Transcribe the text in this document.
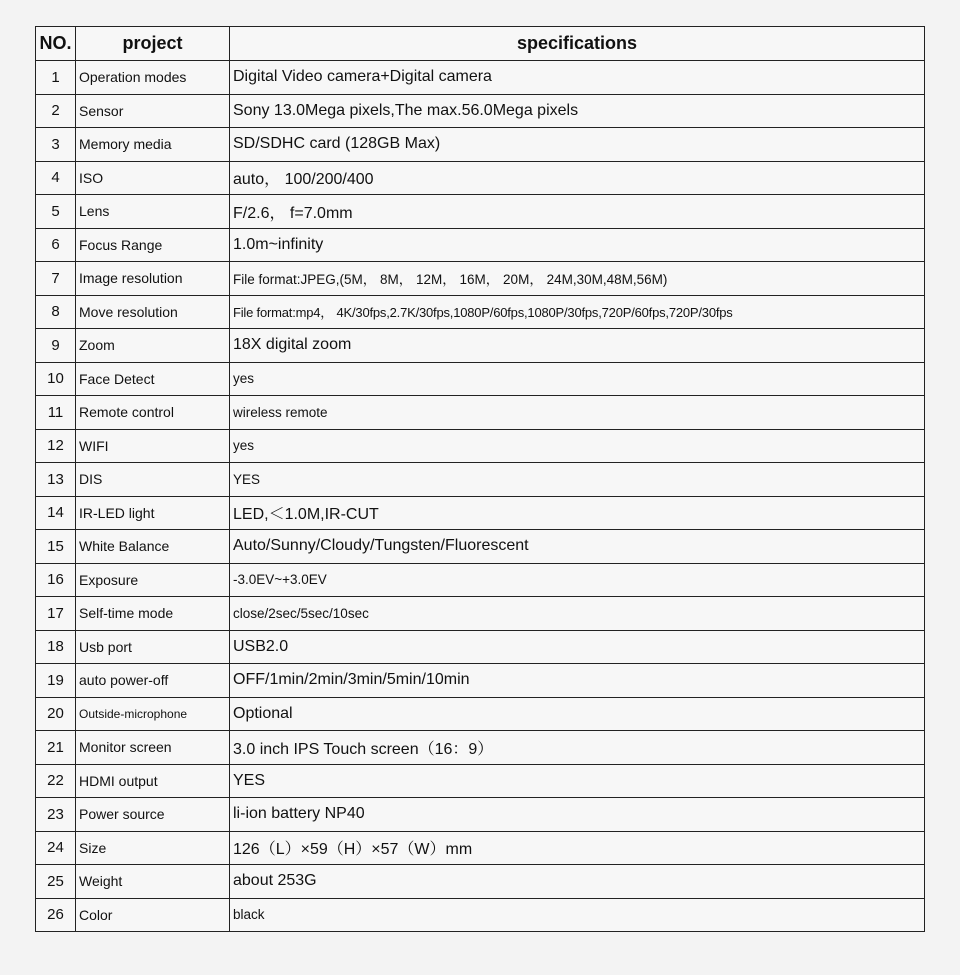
NO.	project	specifications
1	Operation modes	Digital Video camera+Digital camera
2	Sensor	Sony 13.0Mega pixels,The max.56.0Mega pixels
3	Memory media	SD/SDHC card (128GB Max)
4	ISO	auto， 100/200/400
5	Lens	F/2.6， f=7.0mm
6	Focus Range	1.0m~infinity
7	Image resolution	File format:JPEG,(5M， 8M， 12M， 16M， 20M， 24M,30M,48M,56M)
8	Move resolution	File format:mp4， 4K/30fps,2.7K/30fps,1080P/60fps,1080P/30fps,720P/60fps,720P/30fps
9	Zoom	18X digital zoom
10	Face Detect	yes
11	Remote control	wireless remote
12	WIFI	yes
13	DIS	YES
14	IR-LED light	LED,＜1.0M,IR-CUT
15	White Balance	Auto/Sunny/Cloudy/Tungsten/Fluorescent
16	Exposure	-3.0EV~+3.0EV
17	Self-time mode	close/2sec/5sec/10sec
18	Usb port	USB2.0
19	auto power-off	OFF/1min/2min/3min/5min/10min
20	Outside-microphone	Optional
21	Monitor screen	3.0 inch IPS Touch screen（16：9）
22	HDMI output	YES
23	Power source	li-ion battery NP40
24	Size	126（L）×59（H）×57（W）mm
25	Weight	about 253G
26	Color	black
